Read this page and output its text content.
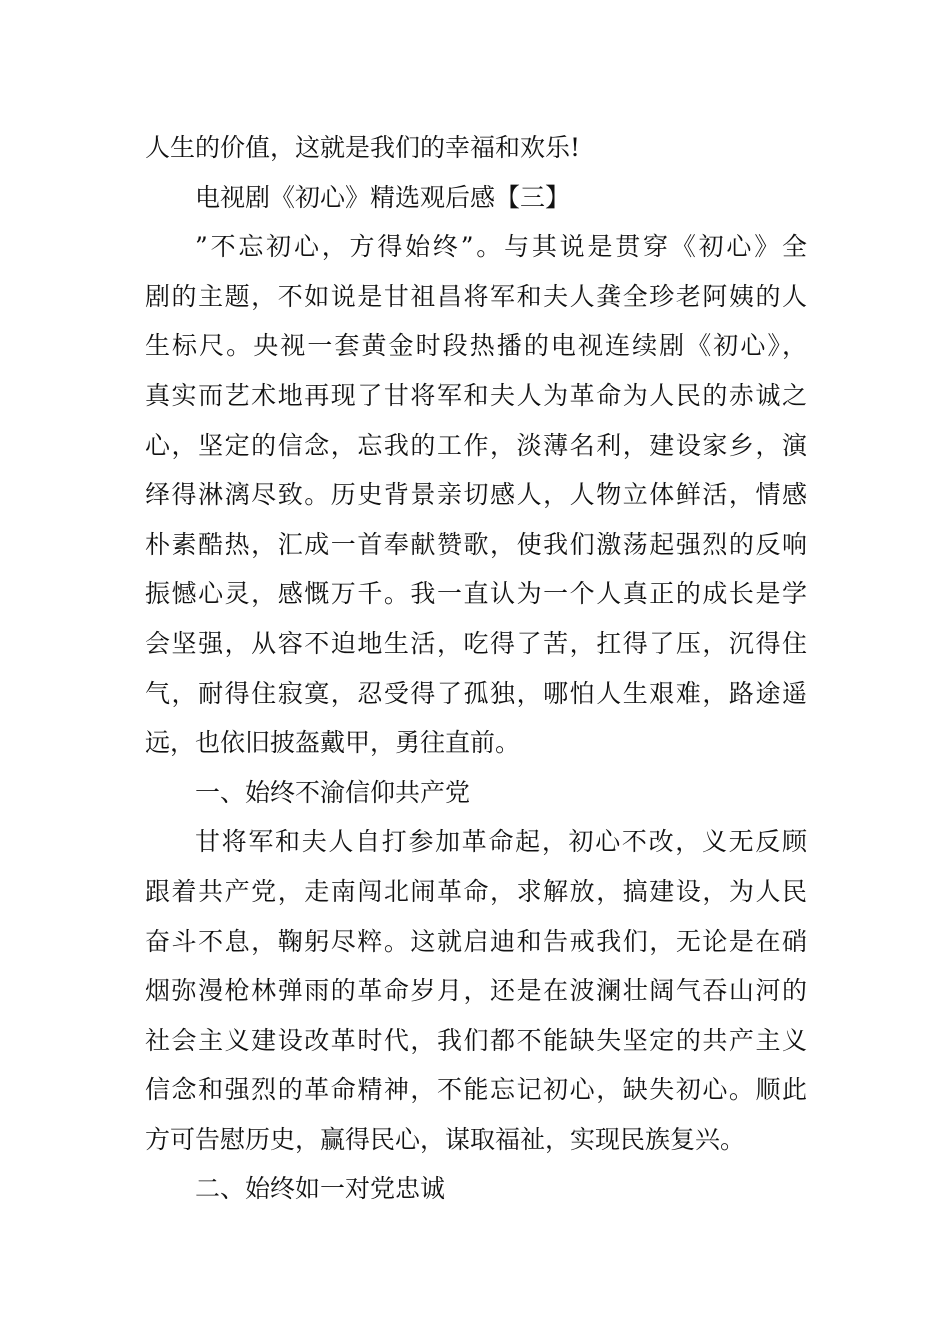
人生的价值，这就是我们的幸福和欢乐!
电视剧《初心》精选观后感【三】
”不忘初心，方得始终”。与其说是贯穿《初心》全
剧的主题，不如说是甘祖昌将军和夫人龚全珍老阿姨的人
生标尺。央视一套黄金时段热播的电视连续剧《初心》，
真实而艺术地再现了甘将军和夫人为革命为人民的赤诚之
心，坚定的信念，忘我的工作，淡薄名利，建设家乡，演
绎得淋漓尽致。历史背景亲切感人，人物立体鲜活，情感
朴素酷热，汇成一首奉献赞歌，使我们激荡起强烈的反响
振憾心灵，感慨万千。我一直认为一个人真正的成长是学
会坚强，从容不迫地生活，吃得了苦，扛得了压，沉得住
气，耐得住寂寞，忍受得了孤独，哪怕人生艰难，路途遥
远，也依旧披盔戴甲，勇往直前。
一、始终不渝信仰共产党
甘将军和夫人自打参加革命起，初心不改，义无反顾
跟着共产党，走南闯北闹革命，求解放，搞建设，为人民
奋斗不息，鞠躬尽粹。这就启迪和告戒我们，无论是在硝
烟弥漫枪林弹雨的革命岁月，还是在波澜壮阔气吞山河的
社会主义建设改革时代，我们都不能缺失坚定的共产主义
信念和强烈的革命精神，不能忘记初心，缺失初心。顺此
方可告慰历史，赢得民心，谋取福祉，实现民族复兴。
二、始终如一对党忠诚
